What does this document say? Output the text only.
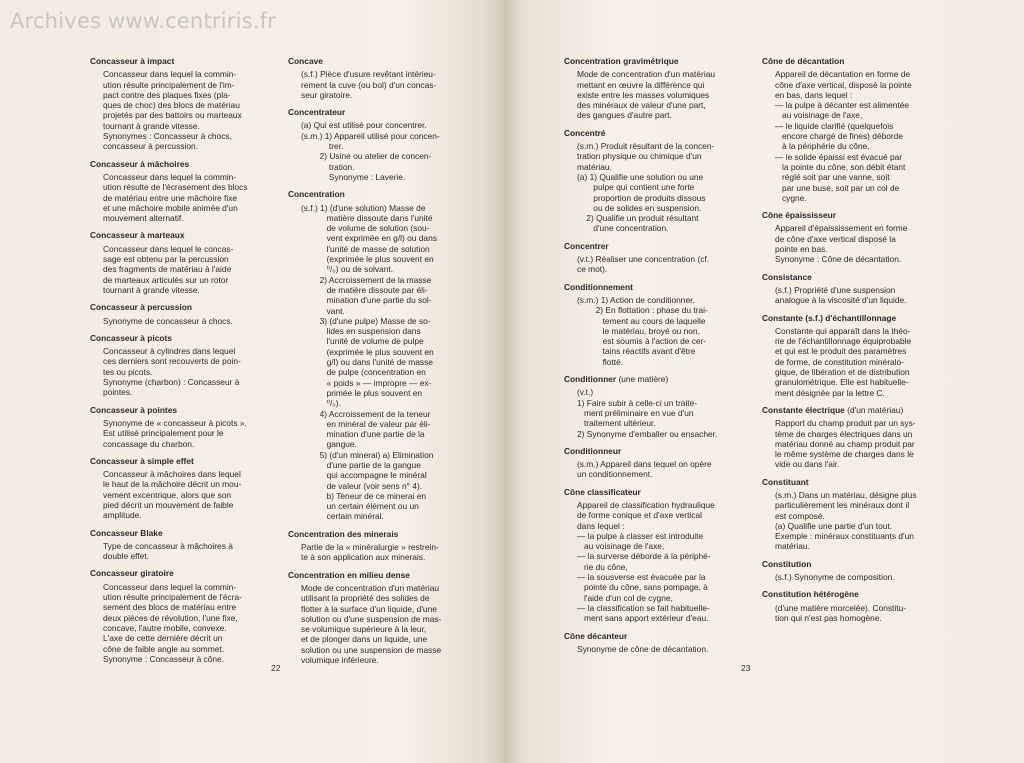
Archives www.centriris.fr
Concasseur à impact
Concasseur dans lequel la commin-
ution résulte principalement de l'im-
pact contre des plaques fixes (pla-
ques de choc) des blocs de matériau
projetés par des battoirs ou marteaux
tournant à grande vitesse.
Synonymes : Concasseur à chocs,
concasseur à percussion.
Concasseur à mâchoires
Concasseur dans lequel la commin-
ution résulte de l'écrasement des blocs
de matériau entre une mâchoire fixe
et une mâchoire mobile animée d'un
mouvement alternatif.
Concasseur à marteaux
Concasseur dans lequel le concas-
sage est obtenu par la percussion
des fragments de matériau à l'aide
de marteaux articulés sur un rotor
tournant à grande vitesse.
Concasseur à percussion
Synonyme de concasseur à chocs.
Concasseur à picots
Concasseur à cylindres dans lequel
ces derniers sont recouverts de poin-
tes ou picots.
Synonyme (charbon) : Concasseur à
pointes.
Concasseur à pointes
Synonyme de « concasseur à picots ».
Est utilisé principalement pour le
concassage du charbon.
Concasseur à simple effet
Concasseur à mâchoires dans lequel
le haut de la mâchoire décrit un mou-
vement excentrique, alors que son
pied décrit un mouvement de faible
amplitude.
Concasseur Blake
Type de concasseur à mâchoires à
double effet.
Concasseur giratoire
Concasseur dans lequel la commin-
ution résulte principalement de l'écra-
sement des blocs de matériau entre
deux pièces de révolution, l'une fixe,
concave, l'autre mobile, convexe.
L'axe de cette dernière décrit un
cône de faible angle au sommet.
Synonyme : Concasseur à cône.
Concave
(s.f.) Pièce d'usure revêtant intérieu-
rement la cuve (ou bol) d'un concas-
seur giratoire.
Concentrateur
(a) Qui est utilisé pour concentrer.
(s.m.) 1) Appareil utilisé pour concen-
trer.
2) Usine ou atelier de concen-
tration.
Synonyme : Laverie.
Concentration
(s.f.) 1) (d'une solution) Masse de
matière dissoute dans l'unité
de volume de solution (sou-
vent exprimée en g/l) ou dans
l'unité de masse de solution
(exprimée le plus souvent en
⁰/₀) ou de solvant.
2) Accroissement de la masse
de matière dissoute par éli-
mination d'une partie du sol-
vant.
3) (d'une pulpe) Masse de so-
lides en suspension dans
l'unité de volume de pulpe
(exprimée le plus souvent en
g/l) ou dans l'unité de masse
de pulpe (concentration en
« poids » — impropre — ex-
primée le plus souvent en
⁰/₀).
4) Accroissement de la teneur
en minéral de valeur par éli-
mination d'une partie de la
gangue.
5) (d'un minerai) a) Elimination
d'une partie de la gangue
qui accompagne le minéral
de valeur (voir sens n° 4).
b) Teneur de ce minerai en
un certain élément ou un
certain minéral.
Concentration des minerais
Partie de la « minéralurgie » restrein-
te à son application aux minerais.
Concentration en milieu dense
Mode de concentration d'un matériau
utilisant la propriété des solides de
flotter à la surface d'un liquide, d'une
solution ou d'une suspension de mas-
se volumique supérieure à la leur,
et de plonger dans un liquide, une
solution ou une suspension de masse
volumique inférieure.
22
Concentration gravimétrique
Mode de concentration d'un matériau
mettant en œuvre la différence qui
existe entre les masses volumiques
des minéraux de valeur d'une part,
des gangues d'autre part.
Concentré
(s.m.) Produit résultant de la concen-
tration physique ou chimique d'un
matériau.
(a) 1) Qualifie une solution ou une
pulpe qui contient une forte
proportion de produits dissous
ou de solides en suspension.
2) Qualifie un produit résultant
d'une concentration.
Concentrer
(v.t.) Réaliser une concentration (cf.
ce mot).
Conditionnement
(s.m.) 1) Action de conditionner.
2) En flottation : phase du trai-
tement au cours de laquelle
le matériau, broyé ou non,
est soumis à l'action de cer-
tains réactifs avant d'être
flotté.
Conditionner (une matière)
(v.t.)
1) Faire subir à celle-ci un traite-
ment préliminaire en vue d'un
traitement ultérieur.
2) Synonyme d'emballer ou ensacher.
Conditionneur
(s.m.) Appareil dans lequel on opère
un conditionnement.
Cône classificateur
Appareil de classification hydraulique
de forme conique et d'axe vertical
dans lequel :
— la pulpe à classer est introduite
au voisinage de l'axe,
— la surverse déborde à la périphé-
rie du cône,
— la sousverse est évacuée par la
pointe du cône, sans pompage, à
l'aide d'un col de cygne,
— la classification se fait habituelle-
ment sans apport extérieur d'eau.
Cône décanteur
Synonyme de cône de décantation.
Cône de décantation
Appareil de décantation en forme de
cône d'axe vertical, disposé la pointe
en bas, dans lequel :
— la pulpe à décanter est alimentée
au voisinage de l'axe,
— le liquide clarifié (quelquefois
encore chargé de fines) déborde
à la périphérie du cône,
— le solide épaissi est évacué par
la pointe du cône, son débit étant
réglé soit par une vanne, soit
par une buse, soit par un col de
cygne.
Cône épaississeur
Appareil d'épaississement en forme
de cône d'axe vertical disposé la
pointe en bas.
Synonyme : Cône de décantation.
Consistance
(s.f.) Propriété d'une suspension
analogue à la viscosité d'un liquide.
Constante (s.f.) d'échantillonnage
Constante qui apparaît dans la théo-
rie de l'échantillonnage équiprobable
et qui est le produit des paramètres
de forme, de constitution minéralo-
gique, de libération et de distribution
granulométrique. Elle est habituelle-
ment désignée par la lettre C.
Constante électrique (d'un matériau)
Rapport du champ produit par un sys-
tème de charges électriques dans un
matériau donné au champ produit par
le même système de charges dans le
vide ou dans l'air.
Constituant
(s.m.) Dans un matériau, désigne plus
particulièrement les minéraux dont il
est composé.
(a) Qualifie une partie d'un tout.
Exemple : minéraux constituants d'un
matériau.
Constitution
(s.f.) Synonyme de composition.
Constitution hétérogène
(d'une matière morcelée). Constitu-
tion qui n'est pas homogène.
23
